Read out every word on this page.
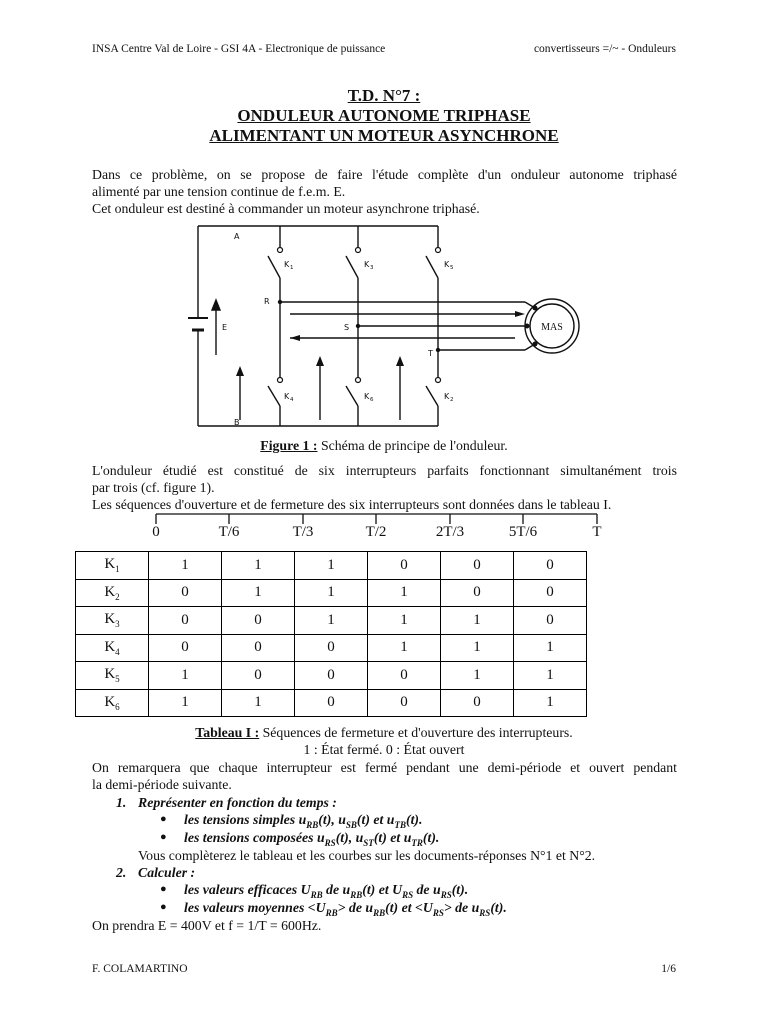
INSA Centre Val de Loire - GSI 4A - Electronique de puissance	convertisseurs =/~ - Onduleurs
T.D. N°7 :
ONDULEUR AUTONOME TRIPHASE
ALIMENTANT UN MOTEUR ASYNCHRONE
Dans ce problème, on se propose de faire l'étude complète d'un onduleur autonome triphasé
alimenté par une tension continue de f.e.m. E.
Cet onduleur est destiné à commander un moteur asynchrone triphasé.
A
B
R
S
T
E
K 1	K 3	K 5
K 4	K 6	K 2
MAS
Figure 1 : Schéma de principe de l'onduleur.
L'onduleur étudié est constitué de six interrupteurs parfaits fonctionnant simultanément trois
par trois (cf. figure 1).
Les séquences d'ouverture et de fermeture des six interrupteurs sont données dans le tableau I.
0	T/6	T/3	T/2	2T/3	5T/6	T
$K_1$	1	1	1	0	0	0
$K_2$	0	1	1	1	0	0
$K_3$	0	0	1	1	1	0
$K_4$	0	0	0	1	1	1
$K_5$	1	0	0	0	1	1
$K_6$	1	1	0	0	0	1
Tableau I : Séquences de fermeture et d'ouverture des interrupteurs.
1 : État fermé. 0 : État ouvert
On remarquera que chaque interrupteur est fermé pendant une demi-période et ouvert pendant
la demi-période suivante.
1. Représenter en fonction du temps :
● les tensions simples $u_{RB}(t)$, $u_{SB}(t)$ et $u_{TB}(t)$.
● les tensions composées $u_{RS}(t)$, $u_{ST}(t)$ et $u_{TR}(t)$.
Vous complèterez le tableau et les courbes sur les documents-réponses N°1 et N°2.
2. Calculer :
● les valeurs efficaces $U_{RB}$ de $u_{RB}(t)$ et $U_{RS}$ de $u_{RS}(t)$.
● les valeurs moyennes $<U_{RB}>$ de $u_{RB}(t)$ et $<U_{RS}>$ de $u_{RS}(t)$.
On prendra E = 400V et f = 1/T = 600Hz.
F. COLAMARTINO	1/6
